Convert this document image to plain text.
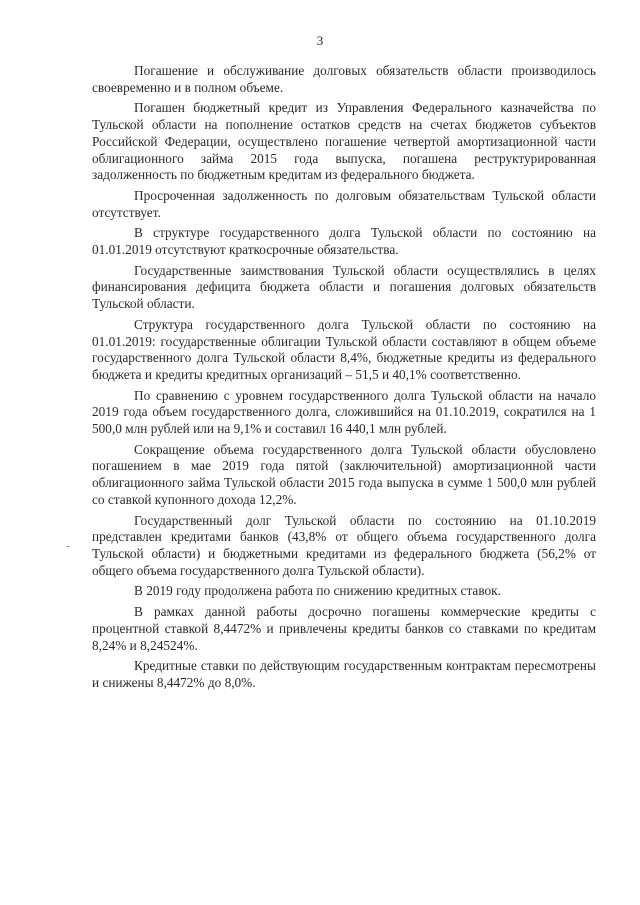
3
-

Погашение и обслуживание долговых обязательств области производилось своевременно и в полном объеме.

Погашен бюджетный кредит из Управления Федерального казначейства по Тульской области на пополнение остатков средств на счетах бюджетов субъектов Российской Федерации, осуществлено погашение четвертой амортизационной части облигационного займа 2015 года выпуска, погашена реструктурированная задолженность по бюджетным кредитам из федерального бюджета.

Просроченная задолженность по долговым обязательствам Тульской области отсутствует.

В структуре государственного долга Тульской области по состоянию на 01.01.2019 отсутствуют краткосрочные обязательства.

Государственные заимствования Тульской области осуществлялись в целях финансирования дефицита бюджета области и погашения долговых обязательств Тульской области.

Структура государственного долга Тульской области по состоянию на 01.01.2019: государственные облигации Тульской области составляют в общем объеме государственного долга Тульской области 8,4%, бюджетные кредиты из федерального бюджета и кредиты кредитных организаций – 51,5 и 40,1% соответственно.

По сравнению с уровнем государственного долга Тульской области на начало 2019 года объем государственного долга, сложившийся на 01.10.2019, сократился на 1 500,0 млн рублей или на 9,1% и составил 16 440,1 млн рублей.

Сокращение объема государственного долга Тульской области обусловлено погашением в мае 2019 года пятой (заключительной) амортизационной части облигационного займа Тульской области 2015 года выпуска в сумме 1 500,0 млн рублей со ставкой купонного дохода 12,2%.

Государственный долг Тульской области по состоянию на 01.10.2019 представлен кредитами банков (43,8% от общего объема государственного долга Тульской области) и бюджетными кредитами из федерального бюджета (56,2% от общего объема государственного долга Тульской области).

В 2019 году продолжена работа по снижению кредитных ставок.

В рамках данной работы досрочно погашены коммерческие кредиты с процентной ставкой 8,4472% и привлечены кредиты банков со ставками по кредитам 8,24% и 8,24524%.

Кредитные ставки по действующим государственным контрактам пересмотрены и снижены 8,4472% до 8,0%.
